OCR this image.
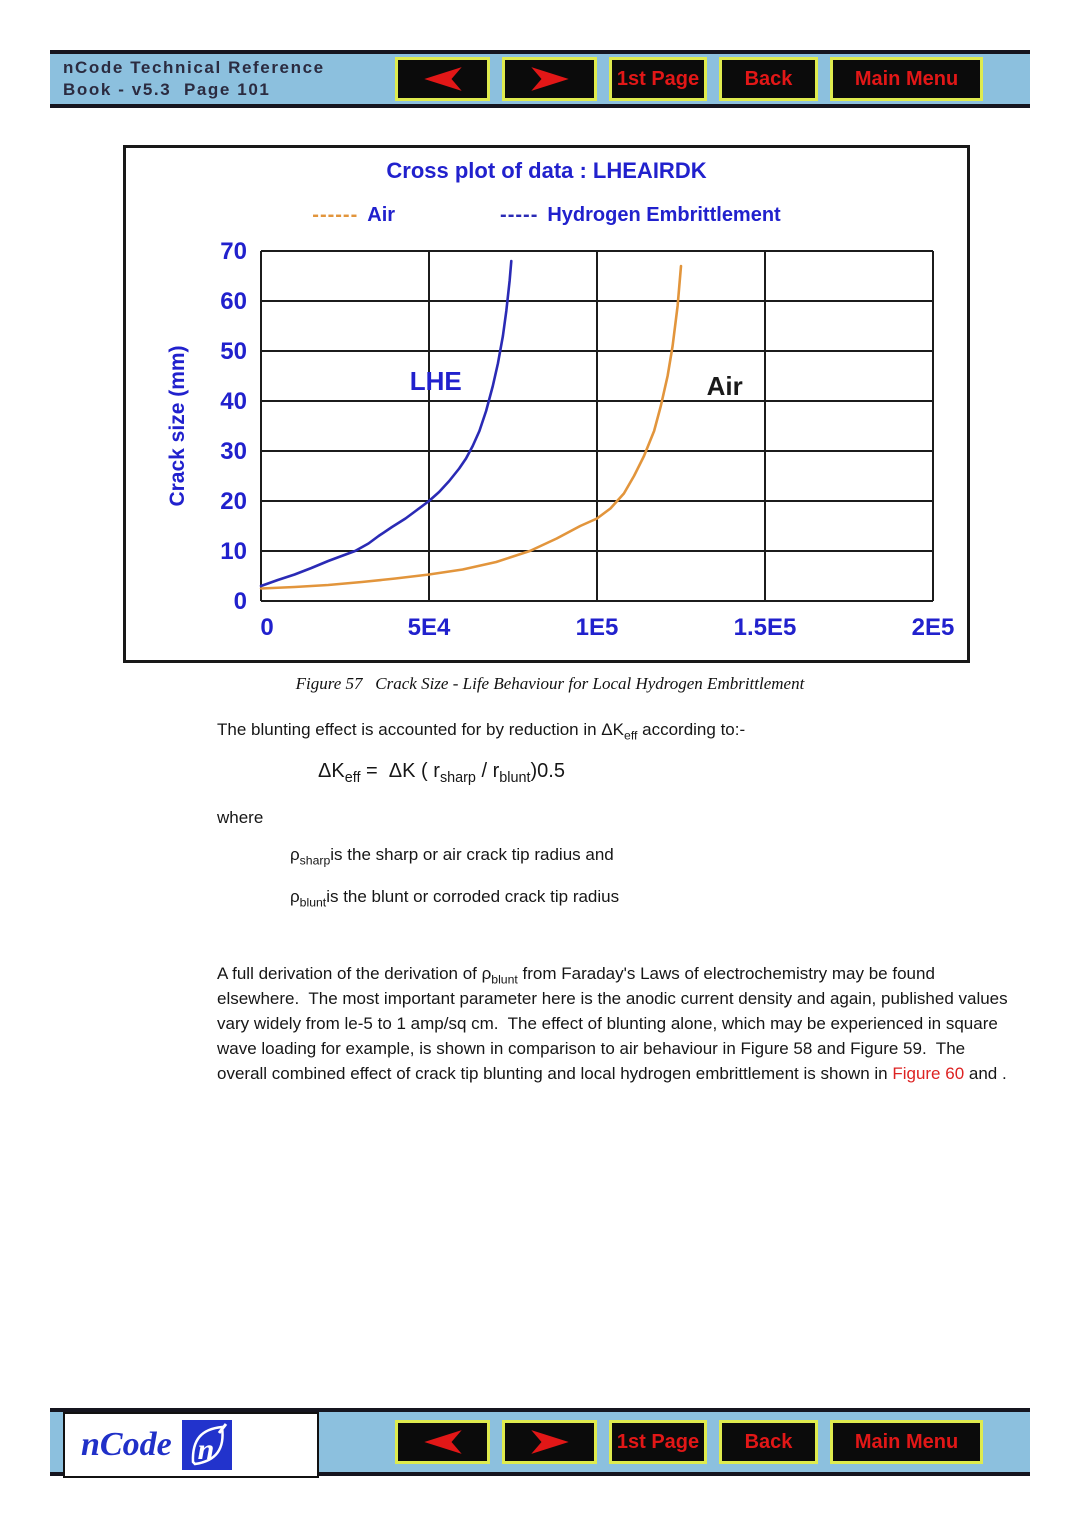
nCode Technical Reference
Book - v5.3  Page 101	1st Page	Back	Main Menu
Cross plot of data : LHEAIRDK
------ Air	----- Hydrogen Embrittlement
0
10
20
30
40
50
60
70
0	5E4	1E5	1.5E5	2E5
LHE	Air
Crack size (mm)
Figure 57   Crack Size - Life Behaviour for Local Hydrogen Embrittlement
The blunting effect is accounted for by reduction in $\Delta K_{eff}$ according to:-
$\Delta K_{eff} = \Delta K$ ( $r_{sharp} / r_{blunt})0.5$
where
$\rho_{sharp}is$ the sharp or air crack tip radius and
$\rho_{blunt}is$ the blunt or corroded crack tip radius
A full derivation of the derivation of $\rho_{blunt}$ from Faraday's Laws of electrochemistry may be found elsewhere.  The most important parameter here is the anodic current density and again, published values vary widely from le-5 to 1 amp/sq cm.  The effect of blunting alone, which may be experienced in square wave loading for example, is shown in comparison to air behaviour in Figure 58 and Figure 59.  The overall combined effect of crack tip blunting and local hydrogen embrittlement is shown in Figure 60 and .
nCode n	1st Page	Back	Main Menu
